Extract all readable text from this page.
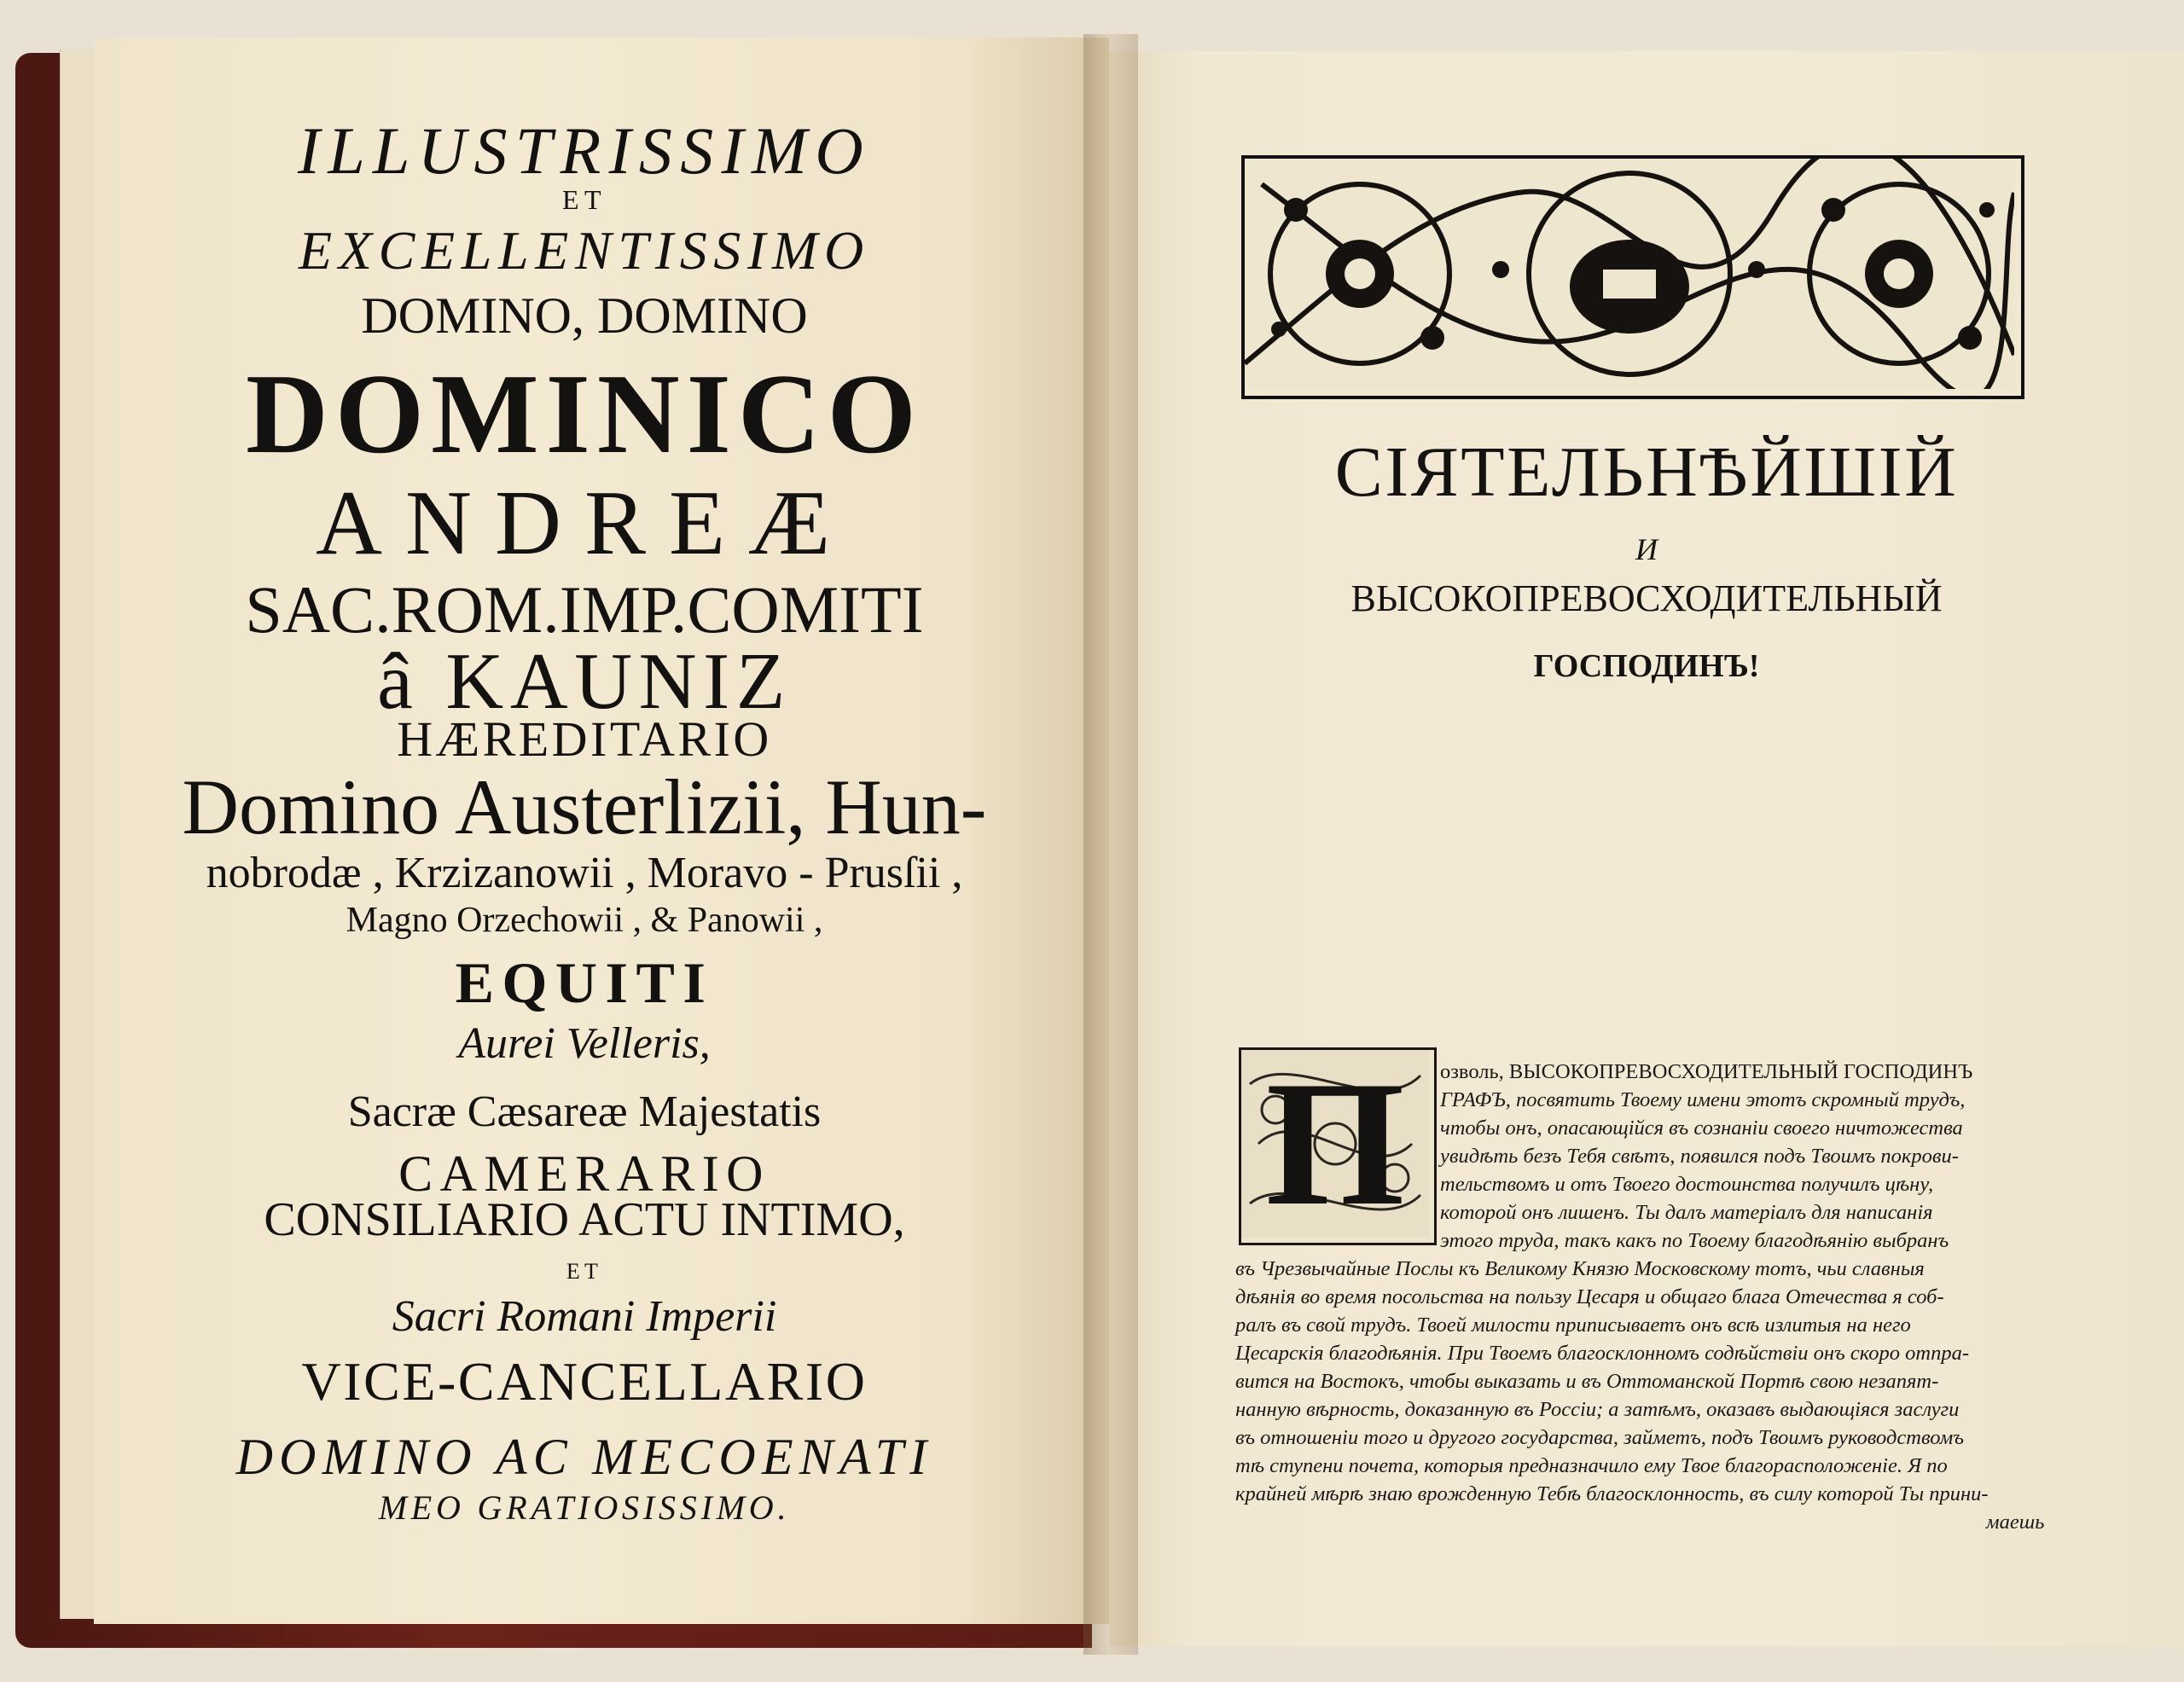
ILLUSTRISSIMO

ET

EXCELLENTISSIMO

DOMINO, DOMINO

DOMINICO

ANDREÆ

SAC.ROM.IMP.COMITI

â KAUNIZ

HÆREDITARIO

Domino Austerlizii, Hun-

nobrodæ , Krzizanowii , Moravo - Prusſii ,

Magno Orzechowii , & Panowii ,

EQUITI

Aurei Velleris,

Sacræ Cæsareæ Majestatis

CAMERARIO

CONSILIARIO ACTU INTIMO,

ET

Sacri Romani Imperii

VICE-CANCELLARIO

DOMINO AC MECOENATI

MEO GRATIOSISSIMO.

СІЯТЕЛЬНѢЙШІЙ

И

ВЫСОКОПРЕВОСХОДИТЕЛЬНЫЙ

ГОСПОДИНЪ!

П	озволь, ВЫСОКОПРЕВОСХОДИТЕЛЬНЫЙ ГОСПОДИНЪ

ГРАФЪ, посвятить Твоему имени этотъ скромный трудъ,

чтобы онъ, опасающійся въ сознаніи своего ничтожества

увидѣть безъ Тебя свѣтъ, появился подъ Твоимъ покрови-

тельствомъ и отъ Твоего достоинства получилъ цѣну,

которой онъ лишенъ. Ты далъ матеріалъ для написанія

этого труда, такъ какъ по Твоему благодѣянію выбранъ

въ Чрезвычайные Послы къ Великому Князю Московскому тотъ, чьи славныя

дѣянія во время посольства на пользу Цесаря и общаго блага Отечества я соб-

ралъ въ свой трудъ. Твоей милости приписываетъ онъ всѣ излитыя на него

Цесарскія благодѣянія. При Твоемъ благосклонномъ содѣйствіи онъ скоро отпра-

вится на Востокъ, чтобы выказать и въ Оттоманской Портѣ свою незапят-

нанную вѣрность, доказанную въ Россіи; а затѣмъ, оказавъ выдающіяся заслуги

въ отношеніи того и другого государства, займетъ, подъ Твоимъ руководствомъ

тѣ ступени почета, которыя предназначило ему Твое благорасположеніе. Я по

крайней мѣрѣ знаю врожденную Тебѣ благосклонность, въ силу которой Ты прини-

маешь
